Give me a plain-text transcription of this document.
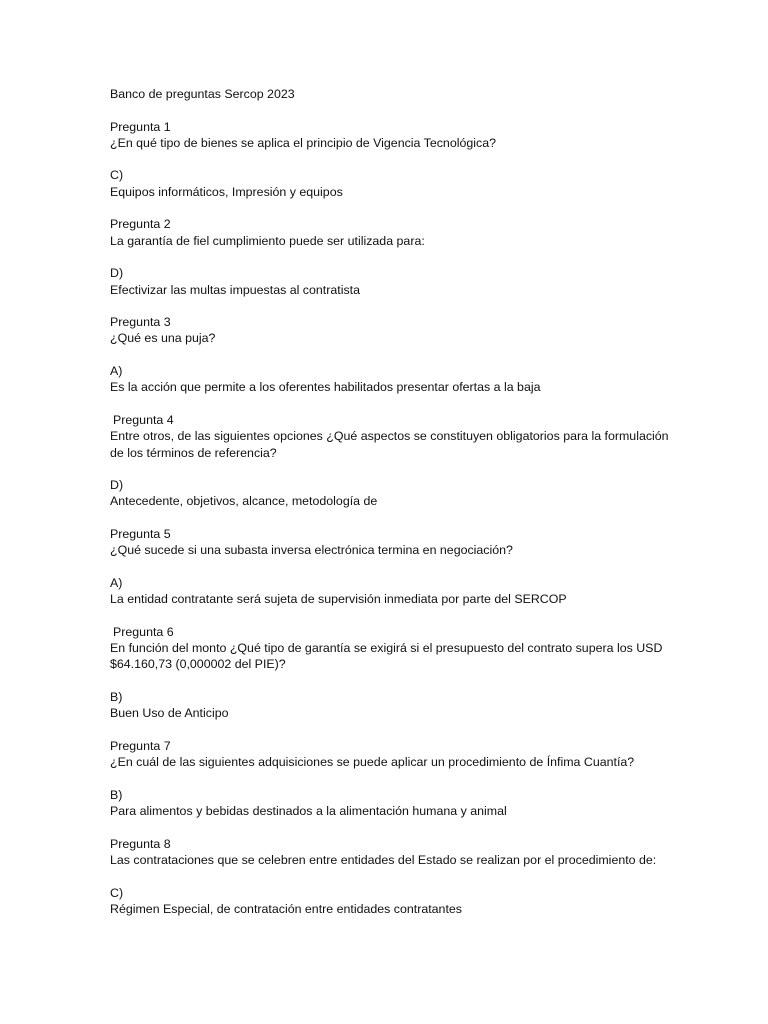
Banco de preguntas Sercop 2023
Pregunta 1
¿En qué tipo de bienes se aplica el principio de Vigencia Tecnológica?
C)
Equipos informáticos, Impresión y equipos
Pregunta 2
La garantía de fiel cumplimiento puede ser utilizada para:
D)
Efectivizar las multas impuestas al contratista
Pregunta 3
¿Qué es una puja?
A)
Es la acción que permite a los oferentes habilitados presentar ofertas a la baja
Pregunta 4
Entre otros, de las siguientes opciones ¿Qué aspectos se constituyen obligatorios para la formulación de los términos de referencia?
D)
Antecedente, objetivos, alcance, metodología de
Pregunta 5
¿Qué sucede si una subasta inversa electrónica termina en negociación?
A)
La entidad contratante será sujeta de supervisión inmediata por parte del SERCOP
Pregunta 6
En función del monto ¿Qué tipo de garantía se exigirá si el presupuesto del contrato supera los USD $64.160,73 (0,000002 del PIE)?
B)
Buen Uso de Anticipo
Pregunta 7
¿En cuál de las siguientes adquisiciones se puede aplicar un procedimiento de Ínfima Cuantía?
B)
Para alimentos y bebidas destinados a la alimentación humana y animal
Pregunta 8
Las contrataciones que se celebren entre entidades del Estado se realizan por el procedimiento de:
C)
Régimen Especial, de contratación entre entidades contratantes
